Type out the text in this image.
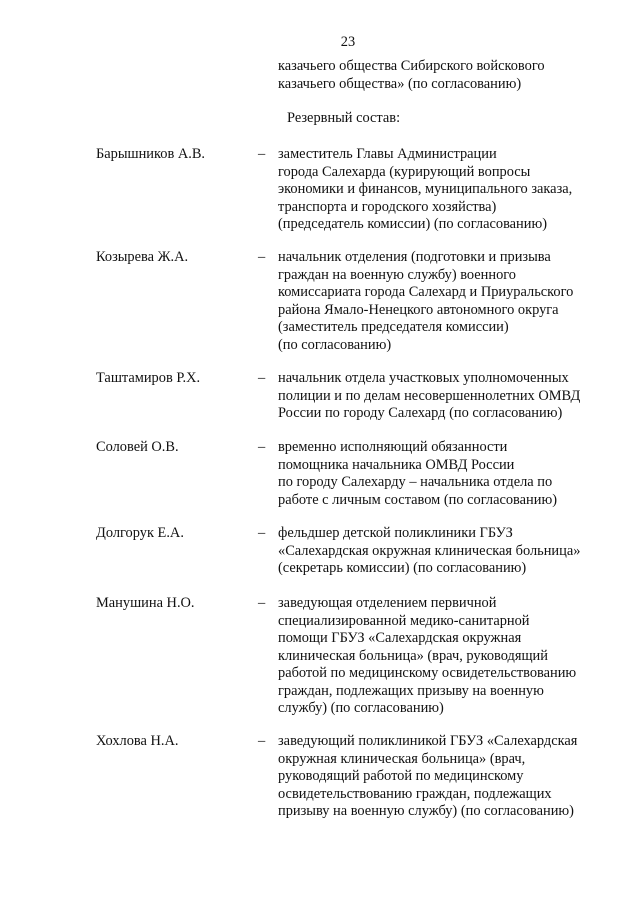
23
казачьего общества Сибирского войскового
казачьего общества» (по согласованию)
Резервный состав:
Барышников А.В.	– заместитель Главы Администрации
города Салехарда (курирующий вопросы
экономики и финансов, муниципального заказа,
транспорта и городского хозяйства)
(председатель комиссии) (по согласованию)
Козырева Ж.А.	– начальник отделения (подготовки и призыва
граждан на военную службу) военного
комиссариата города Салехард и Приуральского
района Ямало-Ненецкого автономного округа
(заместитель председателя комиссии)
(по согласованию)
Таштамиров Р.Х.	– начальник отдела участковых уполномоченных
полиции и по делам несовершеннолетних ОМВД
России по городу Салехард (по согласованию)
Соловей О.В.	– временно исполняющий обязанности
помощника начальника ОМВД России
по городу Салехарду – начальника отдела по
работе с личным составом (по согласованию)
Долгорук Е.А.	– фельдшер детской поликлиники ГБУЗ
«Салехардская окружная клиническая больница»
(секретарь комиссии) (по согласованию)
Манушина Н.О.	– заведующая отделением первичной
специализированной медико-санитарной
помощи ГБУЗ «Салехардская окружная
клиническая больница» (врач, руководящий
работой по медицинскому освидетельствованию
граждан, подлежащих призыву на военную
службу) (по согласованию)
Хохлова Н.А.	– заведующий поликлиникой ГБУЗ «Салехардская
окружная клиническая больница» (врач,
руководящий работой по медицинскому
освидетельствованию граждан, подлежащих
призыву на военную службу) (по согласованию)
